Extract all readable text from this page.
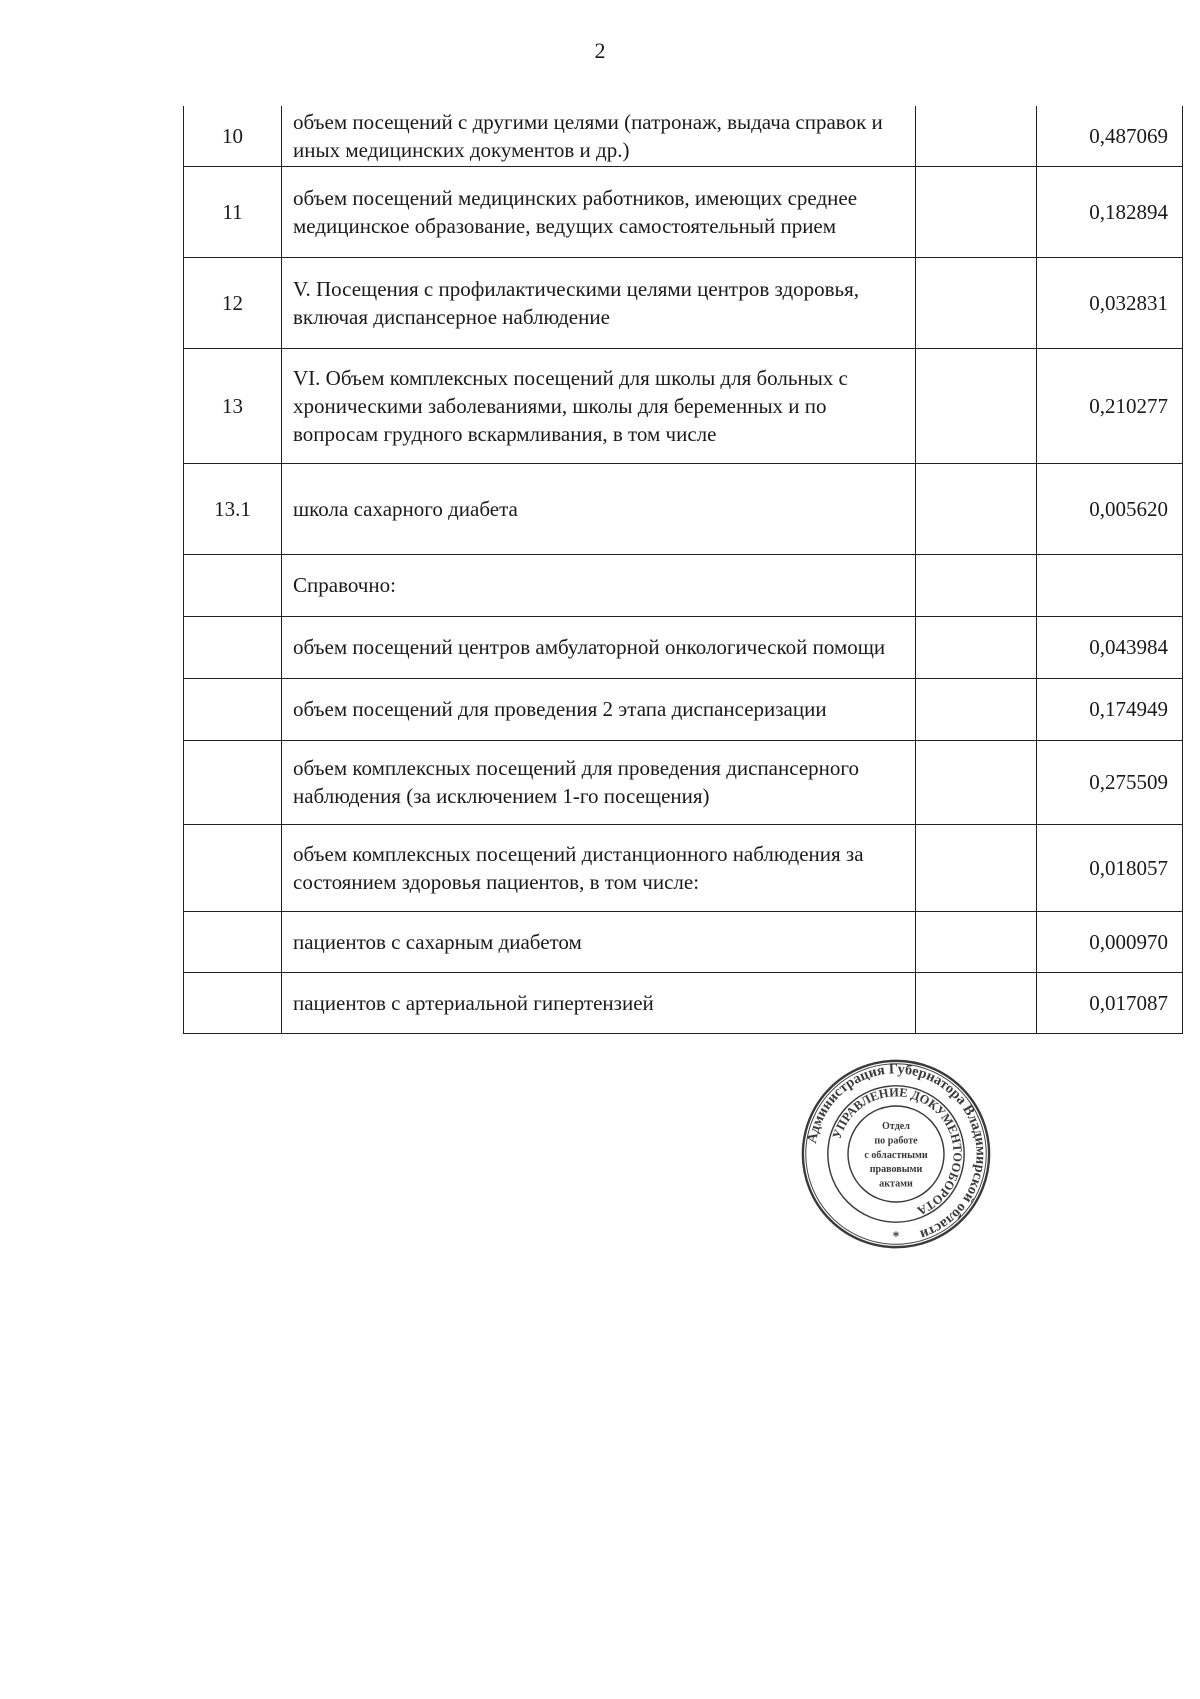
2
10	объем посещений с другими целями (патронаж, выдача справок и иных медицинских документов и др.)		0,487069
11	объем посещений медицинских работников, имеющих среднее медицинское образование, ведущих самостоятельный прием		0,182894
12	V. Посещения с профилактическими целями центров здоровья, включая диспансерное наблюдение		0,032831
13	VI. Объем комплексных посещений для школы для больных с хроническими заболеваниями, школы для беременных и по вопросам грудного вскармливания, в том числе		0,210277
13.1	школа сахарного диабета		0,005620
	Справочно:		
	объем посещений центров амбулаторной онкологической помощи		0,043984
	объем посещений для проведения 2 этапа диспансеризации		0,174949
	объем комплексных посещений для проведения диспансерного наблюдения (за исключением 1-го посещения)		0,275509
	объем комплексных посещений дистанционного наблюдения за состоянием здоровья пациентов, в том числе:		0,018057
	пациентов с сахарным диабетом		0,000970
	пациентов с артериальной гипертензией		0,017087
Администрация Губернатора Владимирской области
УПРАВЛЕНИЕ ДОКУМЕНТООБОРОТА
Отдел
по работе
с областными
правовыми
актами
*
